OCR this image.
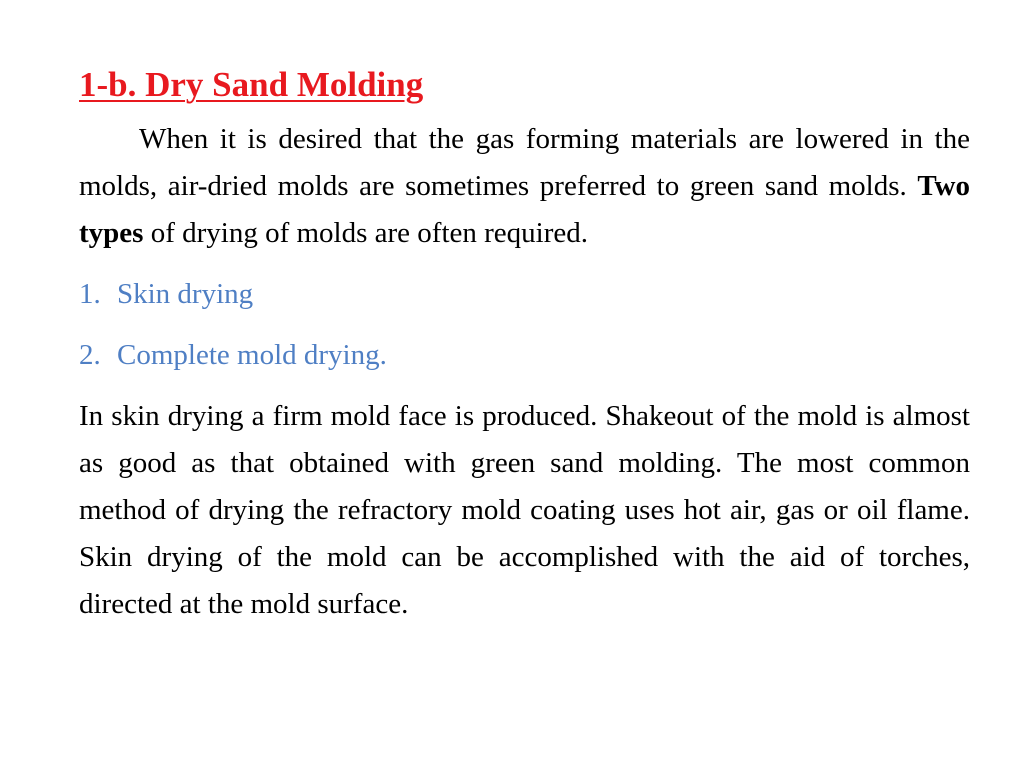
1-b. Dry Sand Molding

When it is desired that the gas forming materials are lowered in the molds, air-dried molds are sometimes preferred to green sand molds. Two types of drying of molds are often required.

1. Skin drying
2. Complete mold drying.

In skin drying a firm mold face is produced. Shakeout of the mold is almost as good as that obtained with green sand molding. The most common method of drying the refractory mold coating uses hot air, gas or oil flame. Skin drying of the mold can be accomplished with the aid of torches, directed at the mold surface.
